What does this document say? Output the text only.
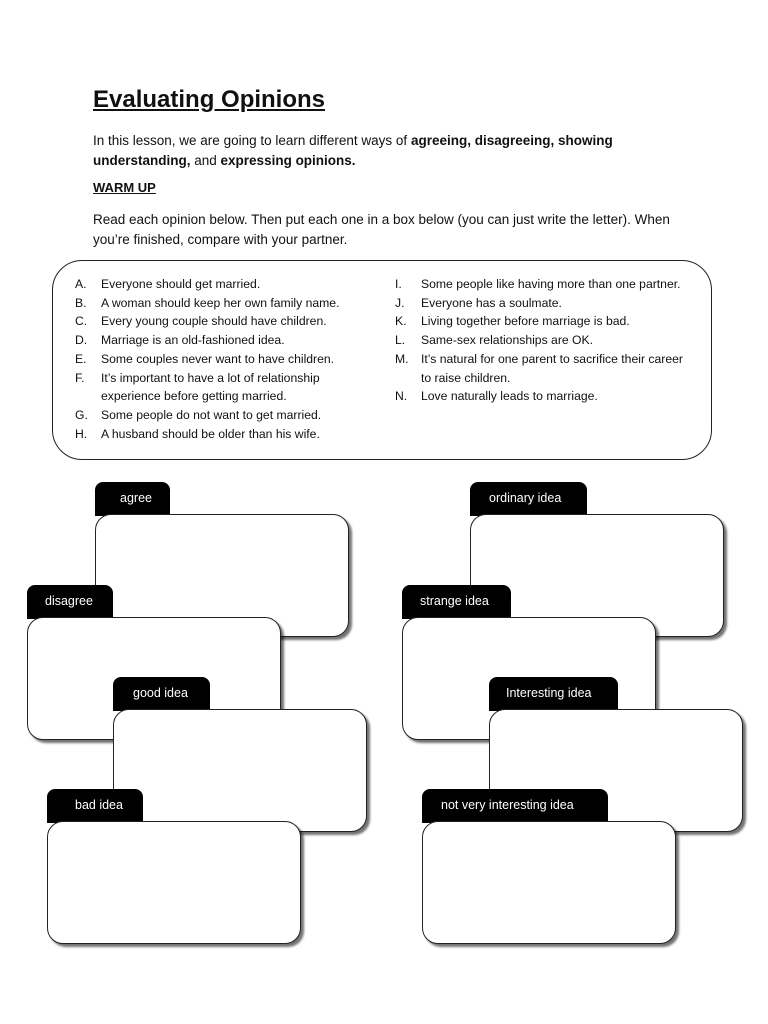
Evaluating Opinions

In this lesson, we are going to learn different ways of agreeing, disagreeing, showing understanding, and expressing opinions.

WARM UP

Read each opinion below. Then put each one in a box below (you can just write the letter). When you’re finished, compare with your partner.

A.	Everyone should get married.
B.	A woman should keep her own family name.
C.	Every young couple should have children.
D.	Marriage is an old-fashioned idea.
E.	Some couples never want to have children.
F.	It’s important to have a lot of relationship experience before getting married.
G.	Some people do not want to get married.
H.	A husband should be older than his wife.
I.	Some people like having more than one partner.
J.	Everyone has a soulmate.
K.	Living together before marriage is bad.
L.	Same-sex relationships are OK.
M.	It’s natural for one parent to sacrifice their career to raise children.
N.	Love naturally leads to marriage.
agree
disagree
good idea
bad idea
ordinary idea
strange idea
Interesting idea
not very interesting idea
